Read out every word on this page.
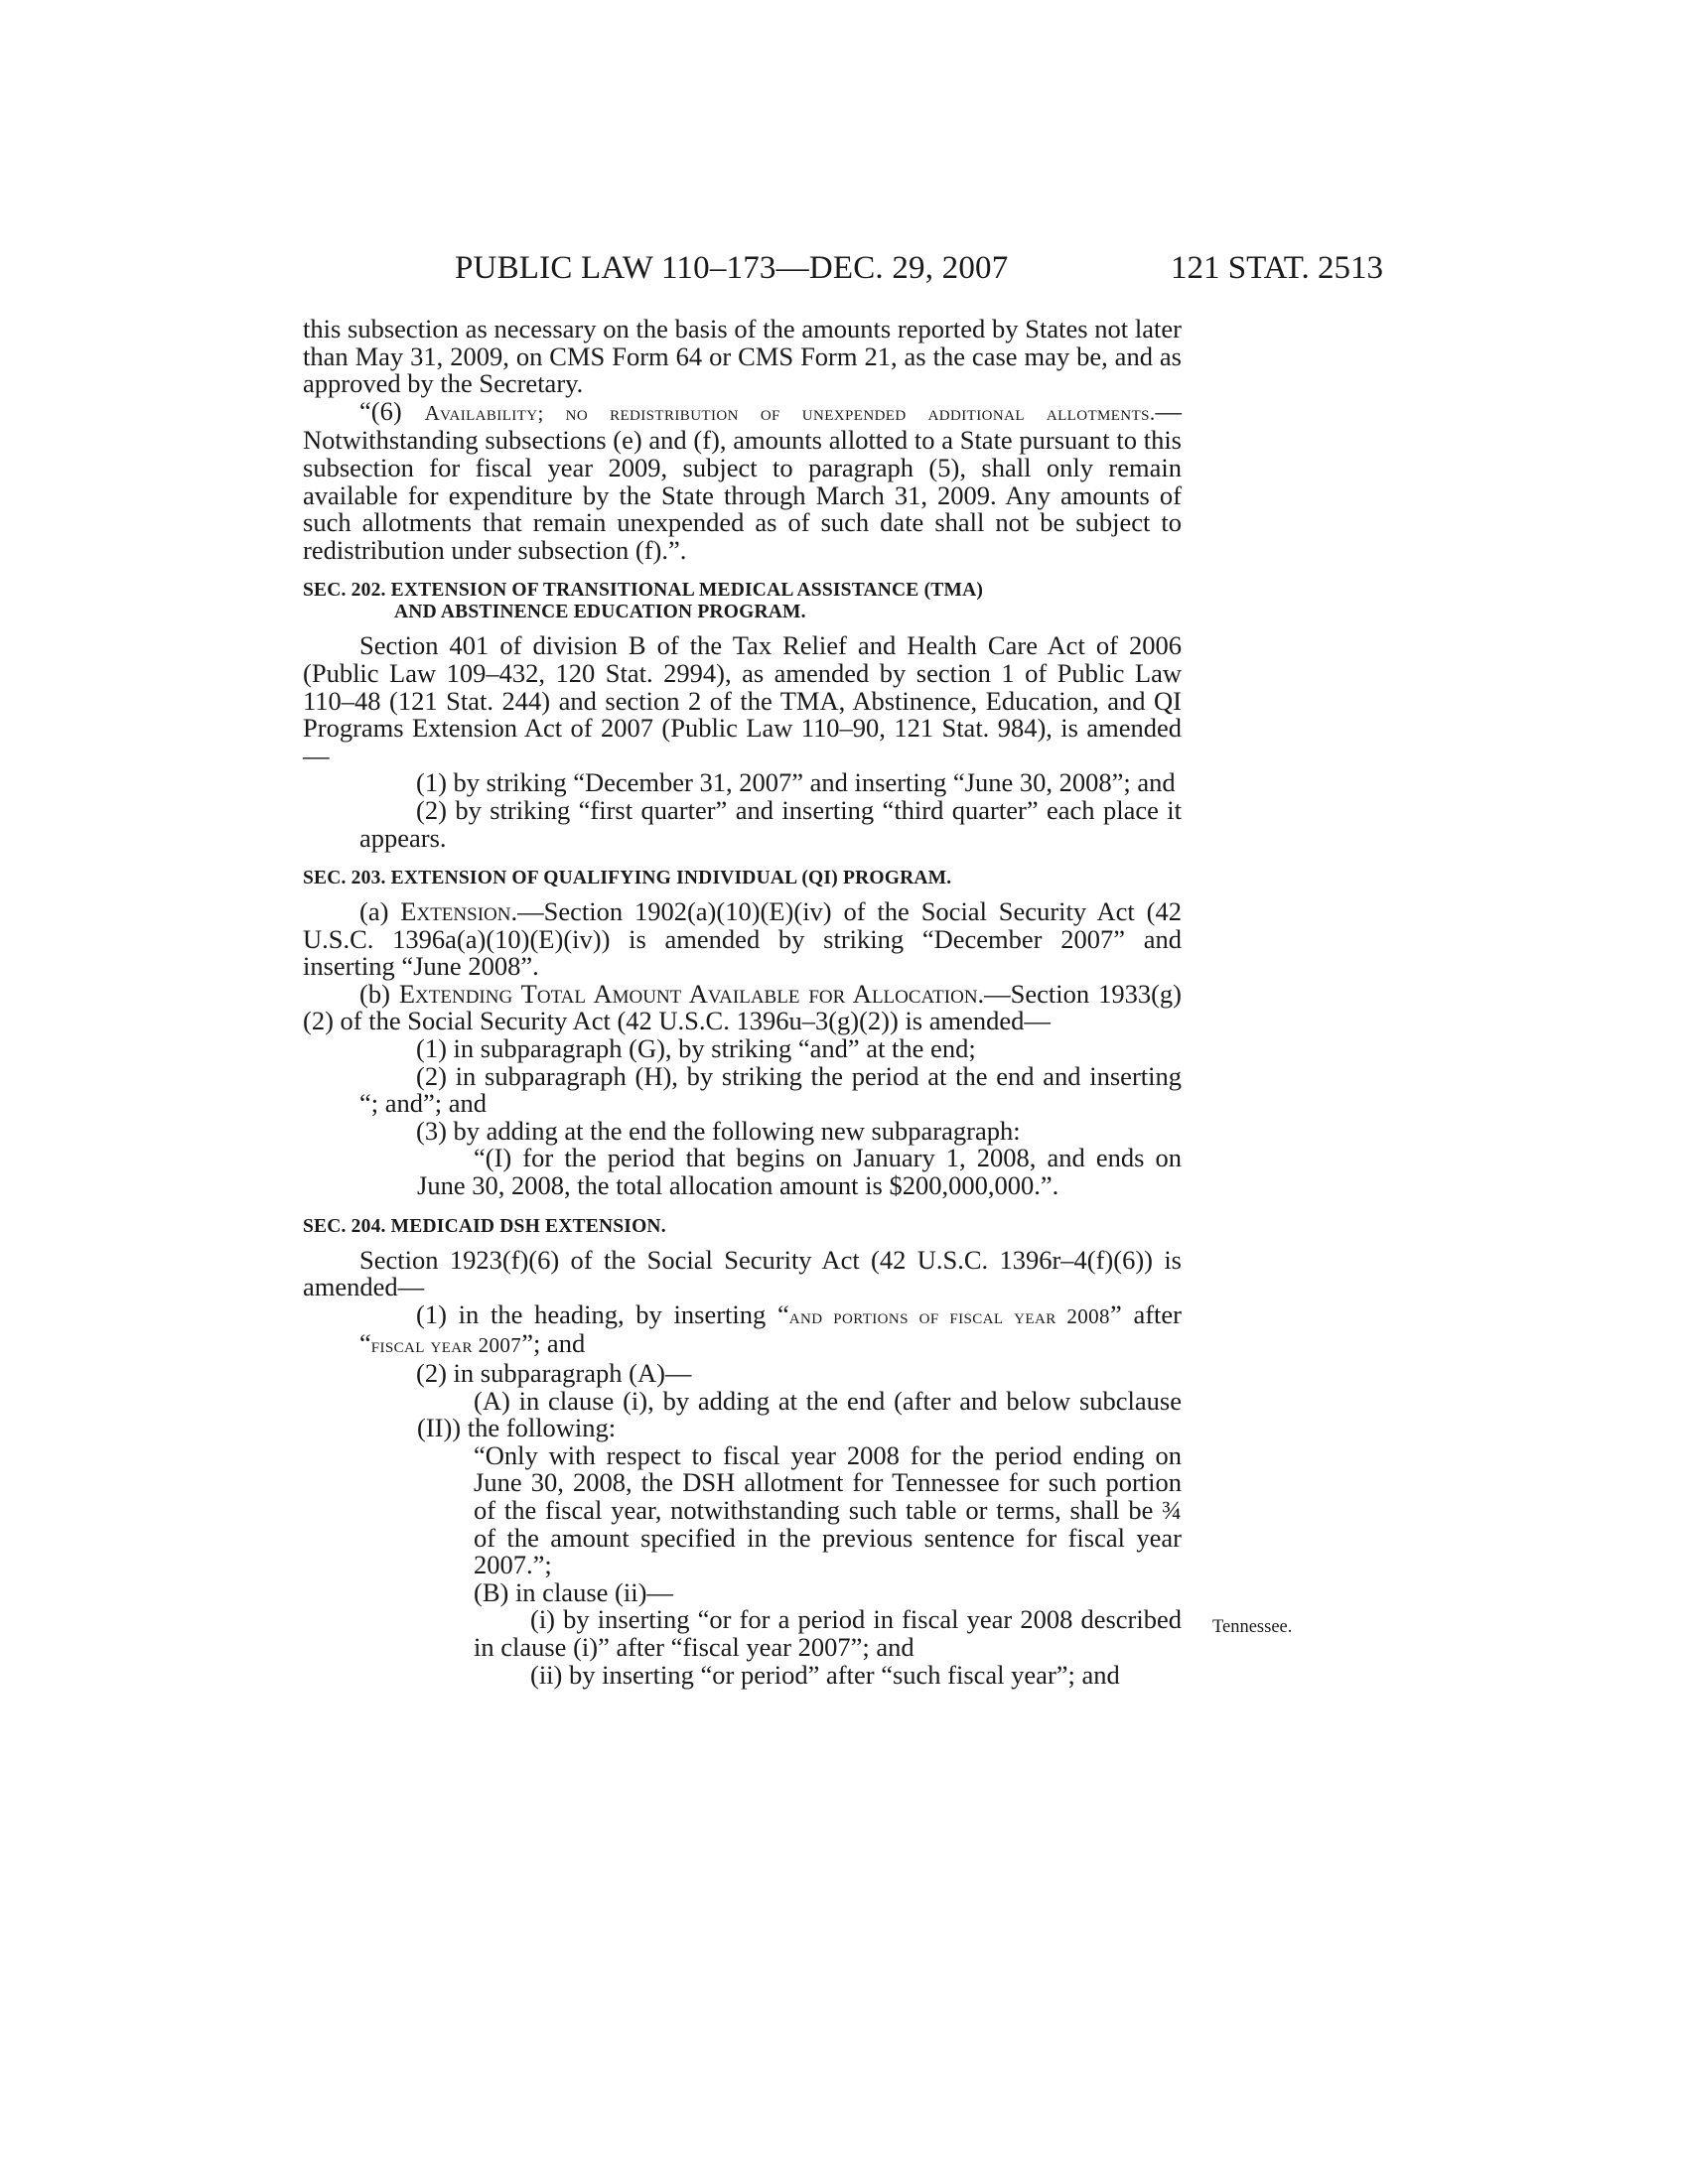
PUBLIC LAW 110–173—DEC. 29, 2007	121 STAT. 2513
Tennessee.

this subsection as necessary on the basis of the amounts reported by States not later than May 31, 2009, on CMS Form 64 or CMS Form 21, as the case may be, and as approved by the Secretary.

“(6) Availability; no redistribution of unexpended additional allotments.—Notwithstanding subsections (e) and (f), amounts allotted to a State pursuant to this subsection for fiscal year 2009, subject to paragraph (5), shall only remain available for expenditure by the State through March 31, 2009. Any amounts of such allotments that remain unexpended as of such date shall not be subject to redistribution under subsection (f).”.

SEC. 202. EXTENSION OF TRANSITIONAL MEDICAL ASSISTANCE (TMA)
AND ABSTINENCE EDUCATION PROGRAM.

Section 401 of division B of the Tax Relief and Health Care Act of 2006 (Public Law 109–432, 120 Stat. 2994), as amended by section 1 of Public Law 110–48 (121 Stat. 244) and section 2 of the TMA, Abstinence, Education, and QI Programs Extension Act of 2007 (Public Law 110–90, 121 Stat. 984), is amended—

(1) by striking “December 31, 2007” and inserting “June 30, 2008”; and

(2) by striking “first quarter” and inserting “third quarter” each place it appears.

SEC. 203. EXTENSION OF QUALIFYING INDIVIDUAL (QI) PROGRAM.

(a) Extension.—Section 1902(a)(10)(E)(iv) of the Social Security Act (42 U.S.C. 1396a(a)(10)(E)(iv)) is amended by striking “December 2007” and inserting “June 2008”.

(b) Extending Total Amount Available for Allocation.—Section 1933(g)(2) of the Social Security Act (42 U.S.C. 1396u–3(g)(2)) is amended—

(1) in subparagraph (G), by striking “and” at the end;

(2) in subparagraph (H), by striking the period at the end and inserting “; and”; and

(3) by adding at the end the following new subparagraph:

“(I) for the period that begins on January 1, 2008, and ends on June 30, 2008, the total allocation amount is $200,000,000.”.

SEC. 204. MEDICAID DSH EXTENSION.

Section 1923(f)(6) of the Social Security Act (42 U.S.C. 1396r–4(f)(6)) is amended—

(1) in the heading, by inserting “and portions of fiscal year 2008” after “fiscal year 2007”; and

(2) in subparagraph (A)—

(A) in clause (i), by adding at the end (after and below subclause (II)) the following:

“Only with respect to fiscal year 2008 for the period ending on June 30, 2008, the DSH allotment for Tennessee for such portion of the fiscal year, notwithstanding such table or terms, shall be ¾ of the amount specified in the previous sentence for fiscal year 2007.”;

(B) in clause (ii)—

(i) by inserting “or for a period in fiscal year 2008 described in clause (i)” after “fiscal year 2007”; and

(ii) by inserting “or period” after “such fiscal year”; and
